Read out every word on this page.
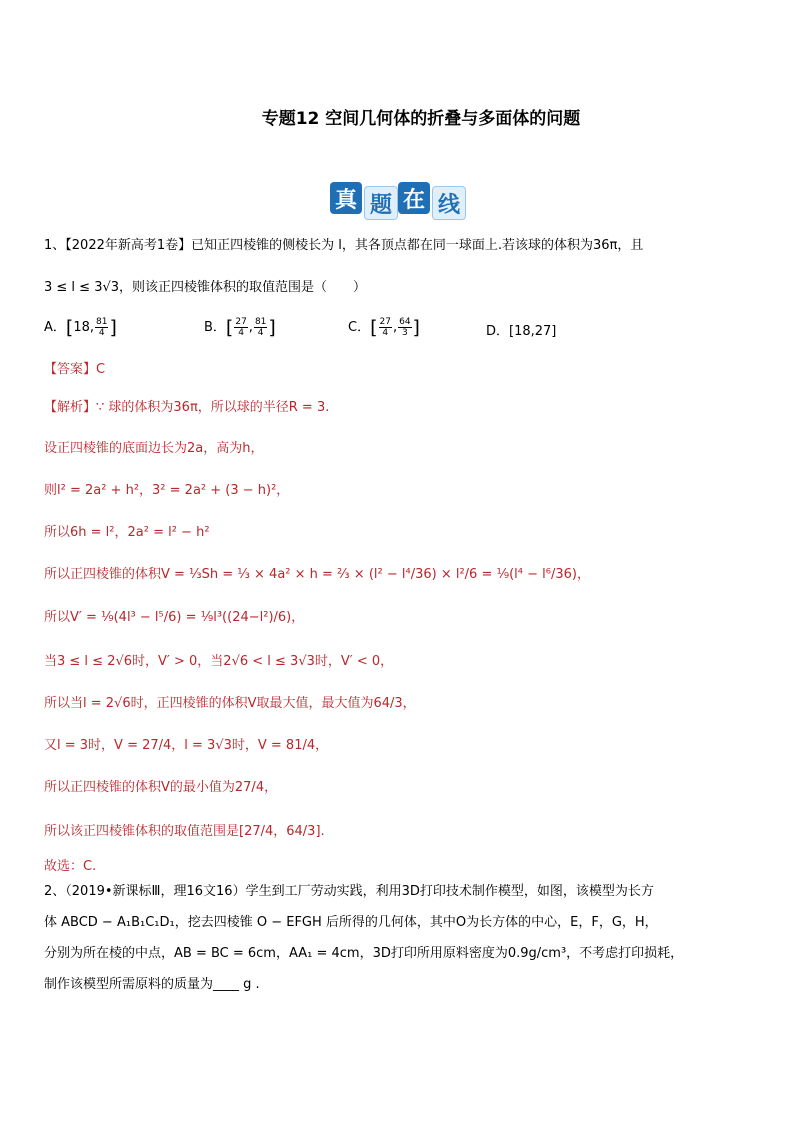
专题12 空间几何体的折叠与多面体的问题
真 题 在 线
1、【2022年新高考1卷】已知正四棱锥的侧棱长为 l，其各顶点都在同一球面上.若该球的体积为36π，且
3 ≤ l ≤ 3√3，则该正四棱锥体积的取值范围是（　　）
A．[18, $\frac{81}{4}$ ]	B．[ $\frac{27}{4}$ , $\frac{81}{4}$ ]	C．[ $\frac{27}{4}$ , $\frac{64}{3}$ ]	D．[18,27]
【答案】C
【解析】∵ 球的体积为36π，所以球的半径R = 3.
设正四棱锥的底面边长为2a，高为h，
则l² = 2a² + h²，3² = 2a² + (3 − h)²，
所以6h = l²，2a² = l² − h²
所以正四棱锥的体积V = ⅓Sh = ⅓ × 4a² × h = ⅔ × (l² − l⁴/36) × l²/6 = ⅑(l⁴ − l⁶/36)，
所以V′ = ⅑(4l³ − l⁵/6) = ⅑l³((24−l²)/6)，
当3 ≤ l ≤ 2√6时，V′ > 0，当2√6 < l ≤ 3√3时，V′ < 0，
所以当l = 2√6时，正四棱锥的体积V取最大值，最大值为64/3，
又l = 3时，V = 27/4，l = 3√3时，V = 81/4，
所以正四棱锥的体积V的最小值为27/4，
所以该正四棱锥体积的取值范围是[27/4，64/3].
故选：C.
2、（2019•新课标Ⅲ，理16文16）学生到工厂劳动实践，利用3D打印技术制作模型，如图，该模型为长方
体 ABCD − A₁B₁C₁D₁，挖去四棱锥 O − EFGH 后所得的几何体，其中O为长方体的中心，E，F，G，H，
分别为所在棱的中点，AB = BC = 6cm，AA₁ = 4cm，3D打印所用原料密度为0.9g/cm³，不考虑打印损耗，
制作该模型所需原料的质量为____ g .
